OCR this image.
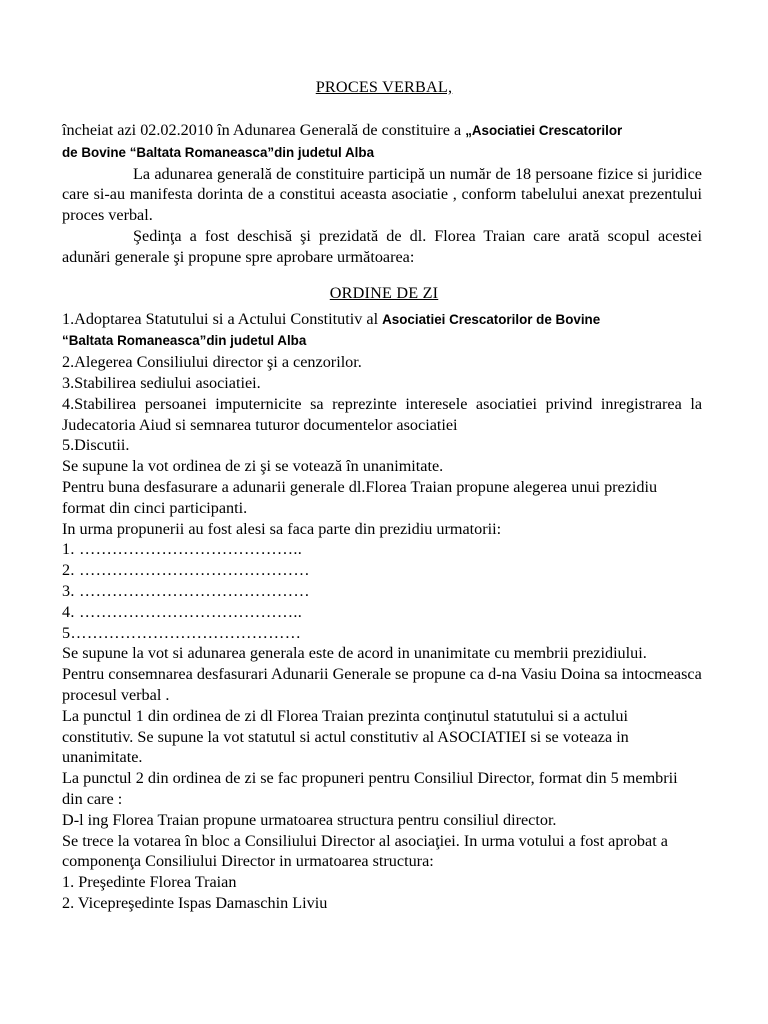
PROCES VERBAL,

încheiat azi 02.02.2010 în Adunarea Generală de constituire a „Asociatiei Crescatorilor
de Bovine “Baltata Romaneasca”din judetul Alba

La adunarea generală de constituire participă un număr de 18 persoane fizice si juridice care si-au manifesta dorinta de a constitui aceasta asociatie , conform tabelului anexat prezentului proces verbal.

Şedinţa a fost deschisă şi prezidată de dl. Florea Traian care arată scopul acestei adunări generale şi propune spre aprobare următoarea:

1.Adoptarea Statutului si a Actului Constitutiv al Asociatiei Crescatorilor de Bovine
“Baltata Romaneasca”din judetul Alba

2.Alegerea Consiliului director şi a cenzorilor.

3.Stabilirea sediului asociatiei.

4.Stabilirea persoanei imputernicite sa reprezinte interesele asociatiei privind inregistrarea la Judecatoria Aiud si semnarea tuturor documentelor asociatiei

5.Discutii.

Se supune la vot ordinea de zi şi se votează în unanimitate.

Pentru buna desfasurare a adunarii generale dl.Florea Traian propune alegerea unui prezidiu format din cinci participanti.

In urma propunerii au fost alesi sa faca parte din prezidiu urmatorii:

1. …………………………………..

2. ……………………………………

3. ……………………………………

4. …………………………………..

5……………………………………

Se supune la vot si adunarea generala este de acord in unanimitate cu membrii prezidiului.

Pentru consemnarea desfasurari Adunarii Generale se propune ca d-na Vasiu Doina sa intocmeasca procesul verbal .

La punctul 1 din ordinea de zi dl Florea Traian prezinta conţinutul statutului si a actului constitutiv. Se supune la vot statutul si actul constitutiv al ASOCIATIEI si se voteaza in unanimitate.

La punctul 2 din ordinea de zi se fac propuneri pentru Consiliul Director, format din 5 membrii din care :

D-l ing Florea Traian propune urmatoarea structura pentru consiliul director.

Se trece la votarea în bloc a Consiliului Director al asociaţiei. In urma votului a fost aprobat a componenţa Consiliului Director in urmatoarea structura:

1. Preşedinte Florea Traian

2. Vicepreşedinte Ispas Damaschin Liviu

ORDINE DE ZI
